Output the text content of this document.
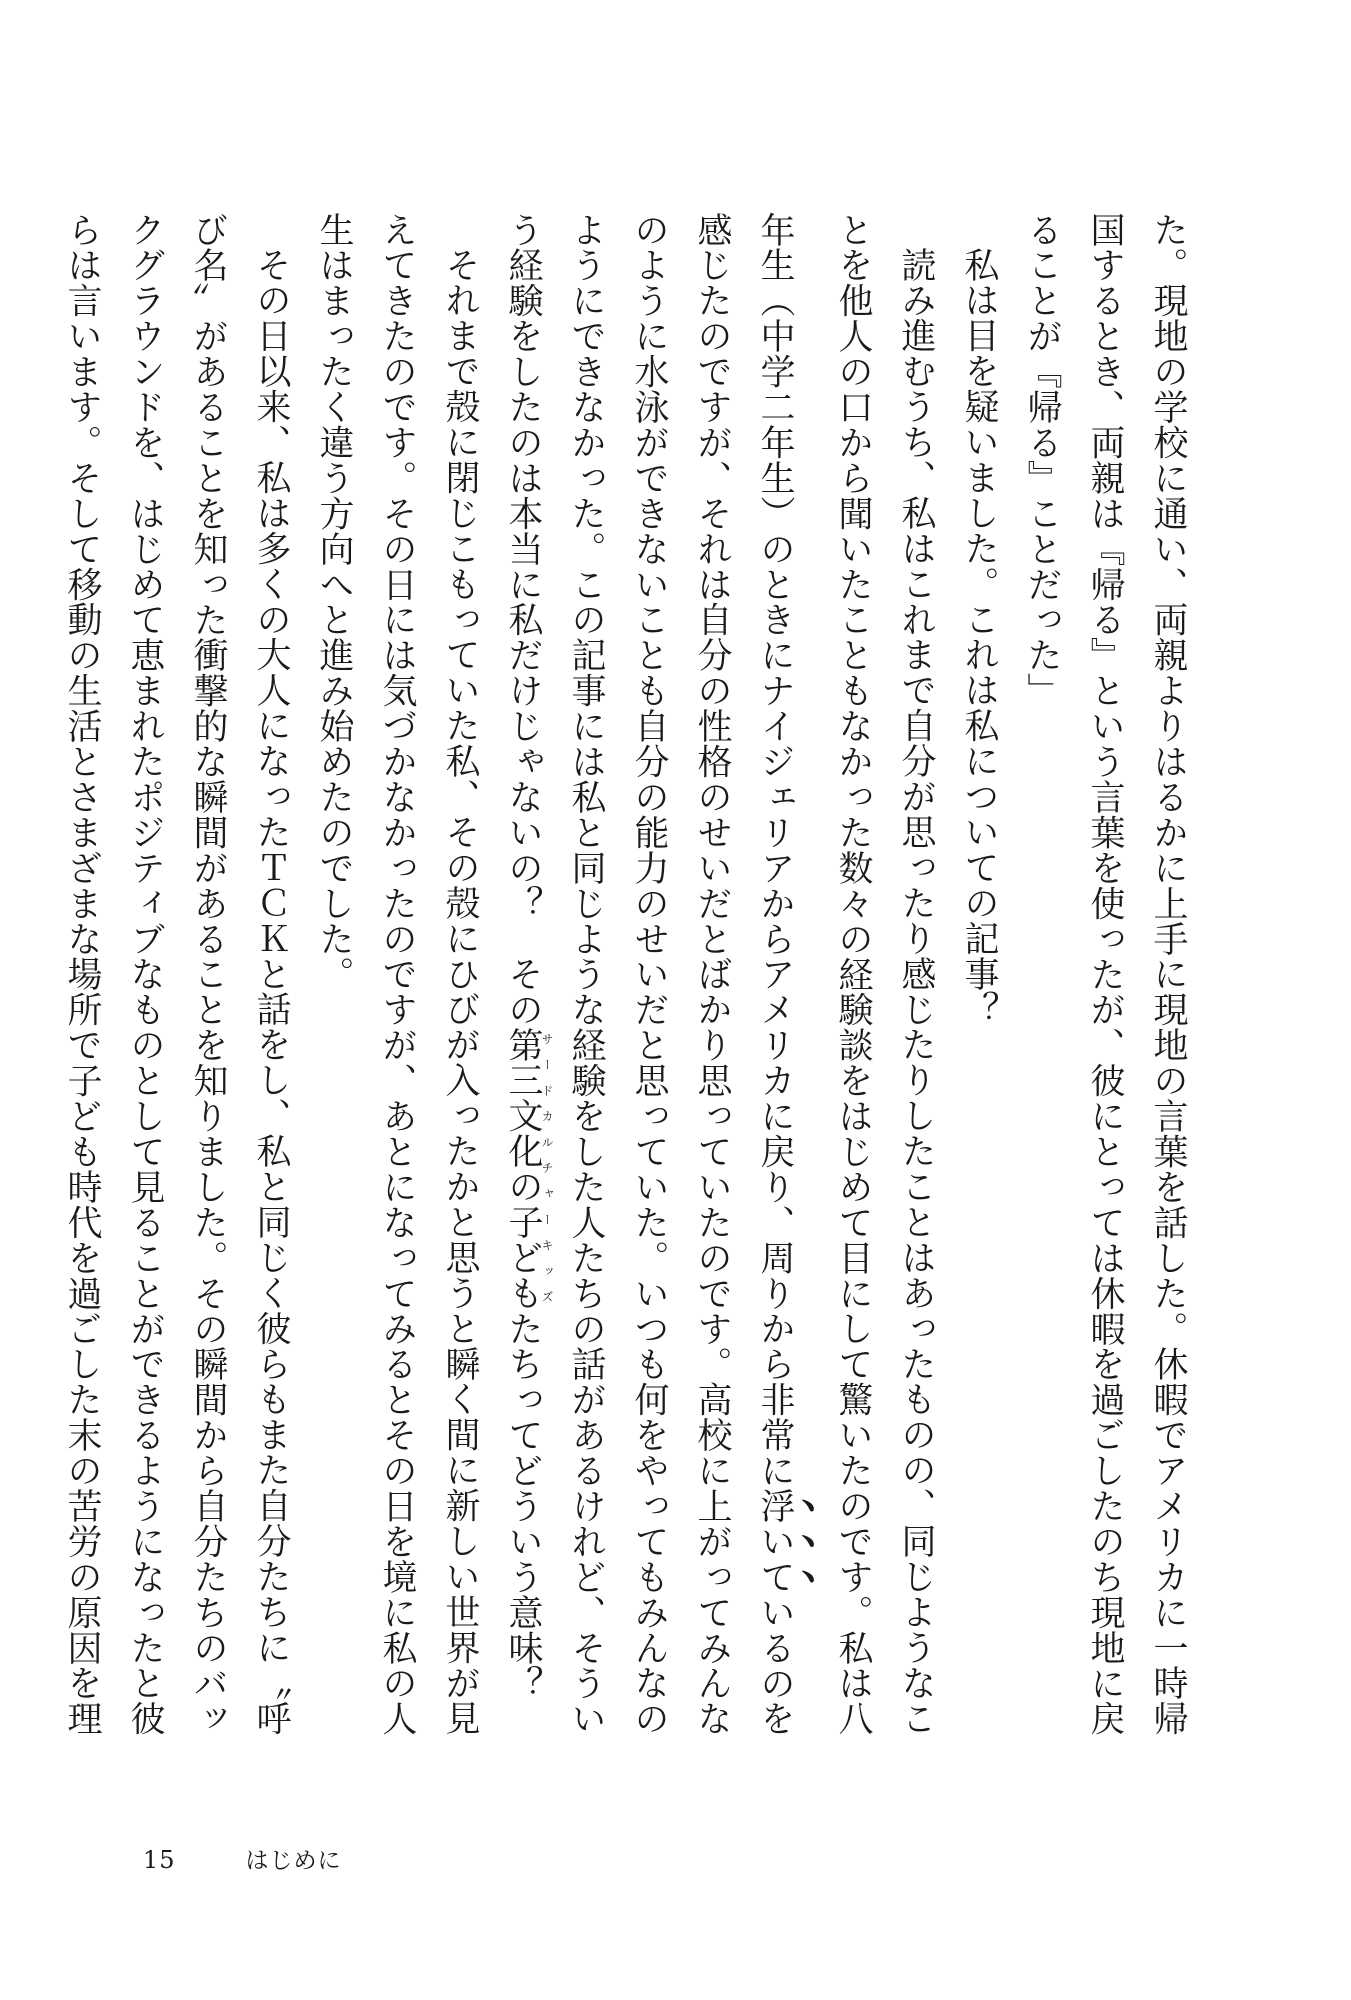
た。現地の学校に通い、両親よりはるかに上手に現地の言葉を話した。休暇でアメリカに一時帰国するとき、両親は『帰る』という言葉を使ったが、彼にとっては休暇を過ごしたのち現地に戻ることが『帰る』ことだった」

私は目を疑いました。これは私についての記事？

読み進むうち、私はこれまで自分が思ったり感じたりしたことはあったものの、同じようなことを他人の口から聞いたこともなかった数々の経験談をはじめて目にして驚いたのです。私は八年生（中学二年生）のときにナイジェリアからアメリカに戻り、周りから非常に浮いているのを感じたのですが、それは自分の性格のせいだとばかり思っていたのです。高校に上がってみんなのように水泳ができないことも自分の能力のせいだと思っていた。いつも何をやってもみんなのようにできなかった。この記事には私と同じような経験をした人たちの話があるけれど、そういう経験をしたのは本当に私だけじゃないの？　その第三文化の子どもサードカルチャーキッズたちってどういう意味？

それまで殻に閉じこもっていた私、その殻にひびが入ったかと思うと瞬く間に新しい世界が見えてきたのです。その日には気づかなかったのですが、あとになってみるとその日を境に私の人生はまったく違う方向へと進み始めたのでした。

その日以来、私は多くの大人になったＴＣＫと話をし、私と同じく彼らもまた自分たちに〝呼び名〟があることを知った衝撃的な瞬間があることを知りました。その瞬間から自分たちのバックグラウンドを、はじめて恵まれたポジティブなものとして見ることができるようになったと彼らは言います。そして移動の生活とさまざまな場所で子ども時代を過ごした末の苦労の原因を理

15	はじめに
